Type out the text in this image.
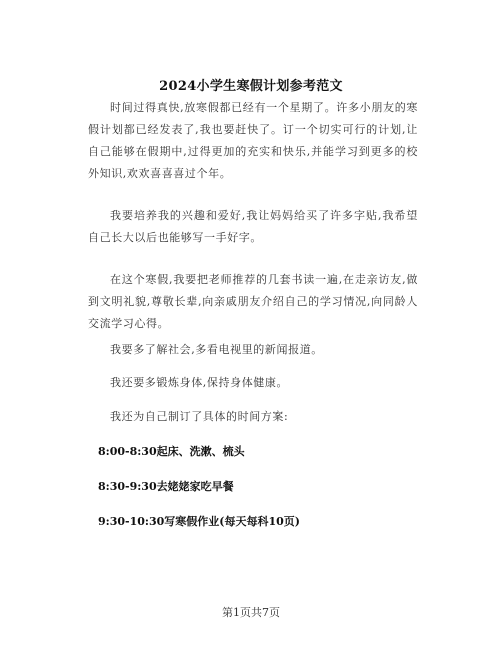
2024小学生寒假计划参考范文
时间过得真快,放寒假都已经有一个星期了。许多小朋友的寒假计划都已经发表了,我也要赶快了。订一个切实可行的计划,让自己能够在假期中,过得更加的充实和快乐,并能学习到更多的校外知识,欢欢喜喜喜过个年。
我要培养我的兴趣和爱好,我让妈妈给买了许多字贴,我希望自己长大以后也能够写一手好字。
在这个寒假,我要把老师推荐的几套书读一遍,在走亲访友,做到文明礼貌,尊敬长辈,向亲戚朋友介绍自己的学习情况,向同龄人交流学习心得。
我要多了解社会,多看电视里的新闻报道。
我还要多锻炼身体,保持身体健康。
我还为自己制订了具体的时间方案:
8:00-8:30起床、洗漱、梳头
8:30-9:30去姥姥家吃早餐
9:30-10:30写寒假作业(每天每科10页)
第1页共7页
